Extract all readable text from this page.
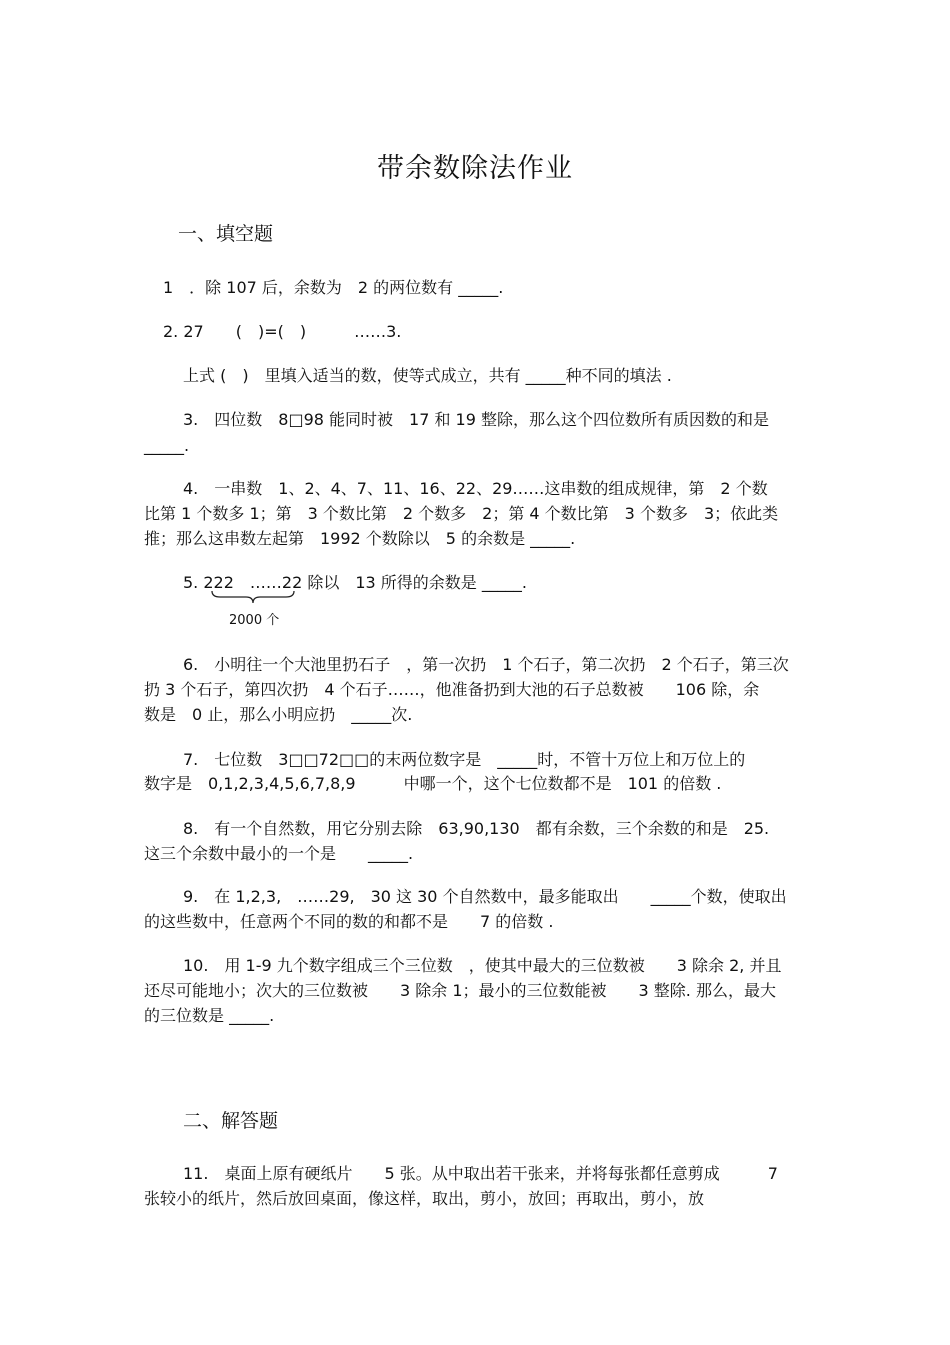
带余数除法作业
一、填空题
1　．除 107 后，余数为　2 的两位数有 _____.
2. 27　　(　)=(　)　　　……3.
上式 (　)　里填入适当的数，使等式成立，共有 _____种不同的填法 .
3.　四位数　8□98 能同时被　17 和 19 整除，那么这个四位数所有质因数的和是
_____.
4.　一串数　1、2、4、7、11、16、22、29……这串数的组成规律，第　2 个数
比第 1 个数多 1；第　3 个数比第　2 个数多　2；第 4 个数比第　3 个数多　3；依此类
推；那么这串数左起第　1992 个数除以　5 的余数是 _____.
5. 222　……22 除以　13 所得的余数是 _____.
2000 个
6.　小明往一个大池里扔石子　，第一次扔　1 个石子，第二次扔　2 个石子，第三次
扔 3 个石子，第四次扔　4 个石子……，他准备扔到大池的石子总数被　　106 除，余
数是　0 止，那么小明应扔　_____次.
7.　七位数　3□□72□□的末两位数字是　_____时，不管十万位上和万位上的
数字是　0,1,2,3,4,5,6,7,8,9　　　中哪一个，这个七位数都不是　101 的倍数 .
8.　有一个自然数，用它分别去除　63,90,130　都有余数，三个余数的和是　25.
这三个余数中最小的一个是　　_____.
9.　在 1,2,3,　……29,　30 这 30 个自然数中，最多能取出　　_____个数，使取出
的这些数中，任意两个不同的数的和都不是　　7 的倍数 .
10.　用 1-9 九个数字组成三个三位数　，使其中最大的三位数被　　3 除余 2, 并且
还尽可能地小；次大的三位数被　　3 除余 1；最小的三位数能被　　3 整除. 那么，最大
的三位数是 _____.
二、解答题
11.　桌面上原有硬纸片　　5 张。从中取出若干张来，并将每张都任意剪成　　　7
张较小的纸片，然后放回桌面，像这样，取出，剪小，放回；再取出，剪小，放
